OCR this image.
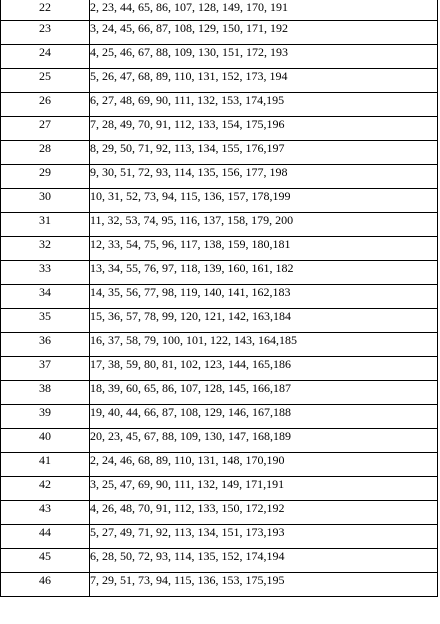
22	2, 23, 44, 65, 86, 107, 128, 149, 170, 191
23	3, 24, 45, 66, 87, 108, 129, 150, 171, 192
24	4, 25, 46, 67, 88, 109, 130, 151, 172, 193
25	5, 26, 47, 68, 89, 110, 131, 152, 173, 194
26	6, 27, 48, 69, 90, 111, 132, 153, 174,195
27	7, 28, 49, 70, 91, 112, 133, 154, 175,196
28	8, 29, 50, 71, 92, 113, 134, 155, 176,197
29	9, 30, 51, 72, 93, 114, 135, 156, 177, 198
30	10, 31, 52, 73, 94, 115, 136, 157, 178,199
31	11, 32, 53, 74, 95, 116, 137, 158, 179, 200
32	12, 33, 54, 75, 96, 117, 138, 159, 180,181
33	13, 34, 55, 76, 97, 118, 139, 160, 161, 182
34	14, 35, 56, 77, 98, 119, 140, 141, 162,183
35	15, 36, 57, 78, 99, 120, 121, 142, 163,184
36	16, 37, 58, 79, 100, 101, 122, 143, 164,185
37	17, 38, 59, 80, 81, 102, 123, 144, 165,186
38	18, 39, 60, 65, 86, 107, 128, 145, 166,187
39	19, 40, 44, 66, 87, 108, 129, 146, 167,188
40	20, 23, 45, 67, 88, 109, 130, 147, 168,189
41	2, 24, 46, 68, 89, 110, 131, 148, 170,190
42	3, 25, 47, 69, 90, 111, 132, 149, 171,191
43	4, 26, 48, 70, 91, 112, 133, 150, 172,192
44	5, 27, 49, 71, 92, 113, 134, 151, 173,193
45	6, 28, 50, 72, 93, 114, 135, 152, 174,194
46	7, 29, 51, 73, 94, 115, 136, 153, 175,195
